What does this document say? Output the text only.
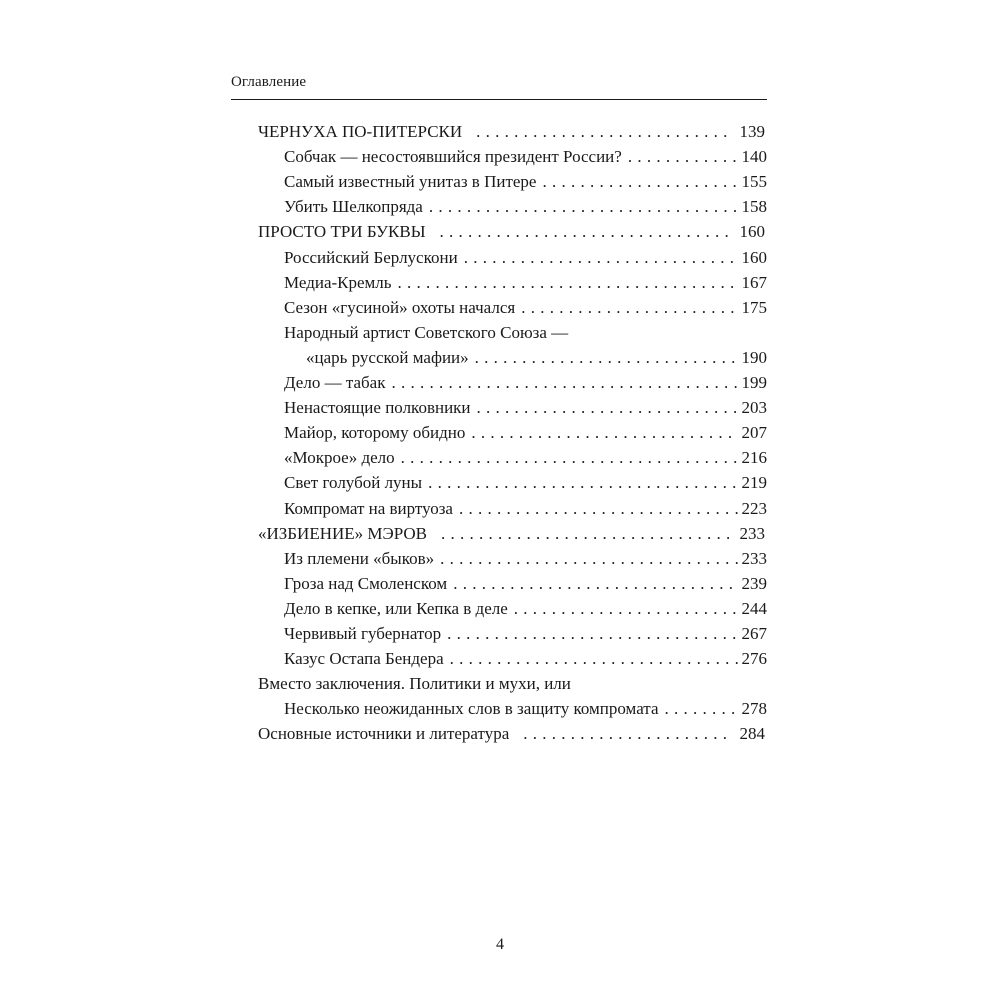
Оглавление
ЧЕРНУХА ПО-ПИТЕРСКИ . . .	139
Собчак — несостоявшийся президент России? . . .	140
Самый известный унитаз в Питере . . .	155
Убить Шелкопряда . . .	158
ПРОСТО ТРИ БУКВЫ . . .	160
Российский Берлускони . . .	160
Медиа-Кремль . . .	167
Сезон «гусиной» охоты начался . . .	175
Народный артист Советского Союза —
«царь русской мафии» . . .	190
Дело — табак . . .	199
Ненастоящие полковники . . .	203
Майор, которому обидно . . .	207
«Мокрое» дело . . .	216
Свет голубой луны . . .	219
Компромат на виртуоза . . .	223
«ИЗБИЕНИЕ» МЭРОВ . . .	233
Из племени «быков» . . .	233
Гроза над Смоленском . . .	239
Дело в кепке, или Кепка в деле . . .	244
Червивый губернатор . . .	267
Казус Остапа Бендера . . .	276
Вместо заключения. Политики и мухи, или
Несколько неожиданных слов в защиту компромата . . .	278
Основные источники и литература . . .	284
4
